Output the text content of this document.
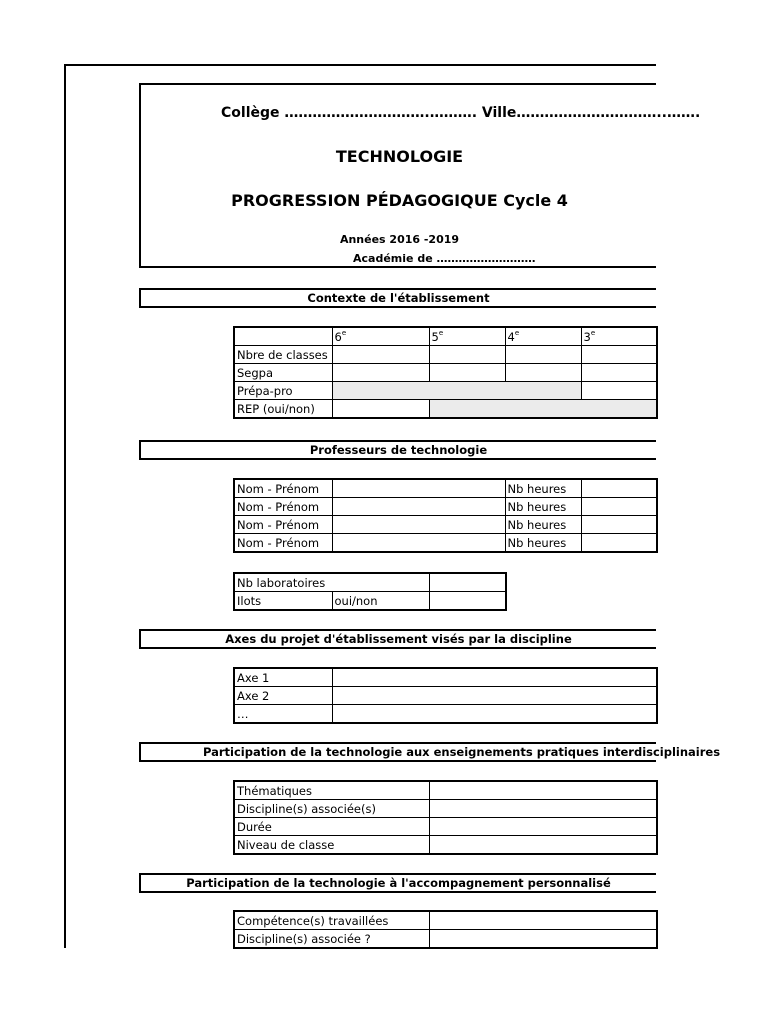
Collège ………………………….………. Ville…………………………..…….
TECHNOLOGIE
PROGRESSION PÉDAGOGIQUE Cycle 4
Années 2016 -2019
Académie de ………………………
Contexte de l'établissement
	6e	5e	4e	3e
Nbre de classes				
Segpa				
Prépa-pro				
REP (oui/non)				
Professeurs de technologie
Nom - Prénom		Nb heures	
Nom - Prénom		Nb heures	
Nom - Prénom		Nb heures	
Nom - Prénom		Nb heures	
Nb laboratoires		
Ilots	oui/non	
Axes du projet d'établissement visés par la discipline
Axe 1	
Axe 2	
…	
Participation de la technologie aux enseignements pratiques interdisciplinaires
Thématiques	
Discipline(s) associée(s)	
Durée	
Niveau de classe	
Participation de la technologie à l'accompagnement personnalisé
Compétence(s) travaillées	
Discipline(s) associée ?	
